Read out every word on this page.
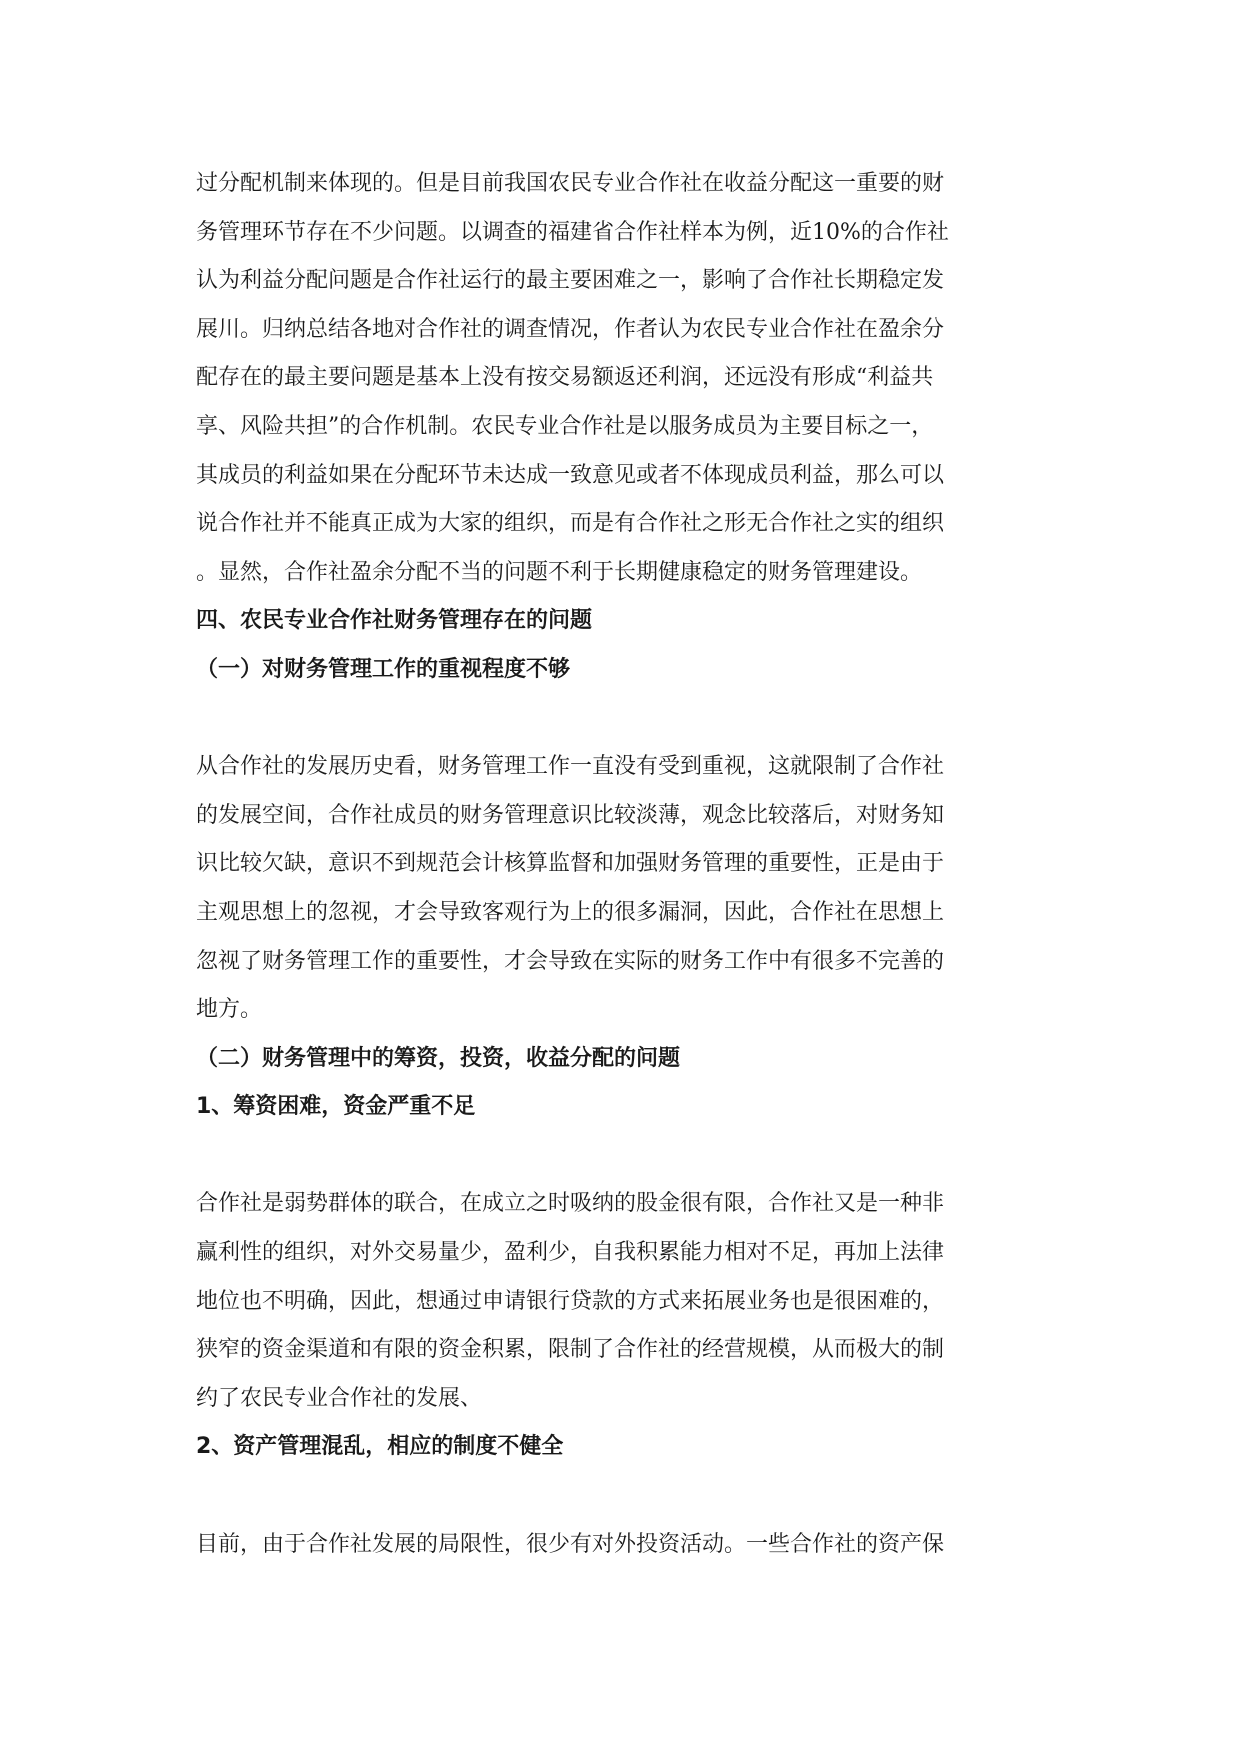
过分配机制来体现的。但是目前我国农民专业合作社在收益分配这一重要的财
务管理环节存在不少问题。以调查的福建省合作社样本为例，近10%的合作社
认为利益分配问题是合作社运行的最主要困难之一，影响了合作社长期稳定发
展川。归纳总结各地对合作社的调查情况，作者认为农民专业合作社在盈余分
配存在的最主要问题是基本上没有按交易额返还利润，还远没有形成“利益共
享、风险共担”的合作机制。农民专业合作社是以服务成员为主要目标之一，
其成员的利益如果在分配环节未达成一致意见或者不体现成员利益，那么可以
说合作社并不能真正成为大家的组织，而是有合作社之形无合作社之实的组织
。显然，合作社盈余分配不当的问题不利于长期健康稳定的财务管理建设。

四、农民专业合作社财务管理存在的问题
（一）对财务管理工作的重视程度不够

从合作社的发展历史看，财务管理工作一直没有受到重视，这就限制了合作社
的发展空间，合作社成员的财务管理意识比较淡薄，观念比较落后，对财务知
识比较欠缺，意识不到规范会计核算监督和加强财务管理的重要性，正是由于
主观思想上的忽视，才会导致客观行为上的很多漏洞，因此，合作社在思想上
忽视了财务管理工作的重要性，才会导致在实际的财务工作中有很多不完善的
地方。

（二）财务管理中的筹资，投资，收益分配的问题
1、筹资困难，资金严重不足

合作社是弱势群体的联合，在成立之时吸纳的股金很有限，合作社又是一种非
赢利性的组织，对外交易量少，盈利少，自我积累能力相对不足，再加上法律
地位也不明确，因此，想通过申请银行贷款的方式来拓展业务也是很困难的，
狭窄的资金渠道和有限的资金积累，限制了合作社的经营规模，从而极大的制
约了农民专业合作社的发展、

2、资产管理混乱，相应的制度不健全

目前，由于合作社发展的局限性，很少有对外投资活动。一些合作社的资产保
